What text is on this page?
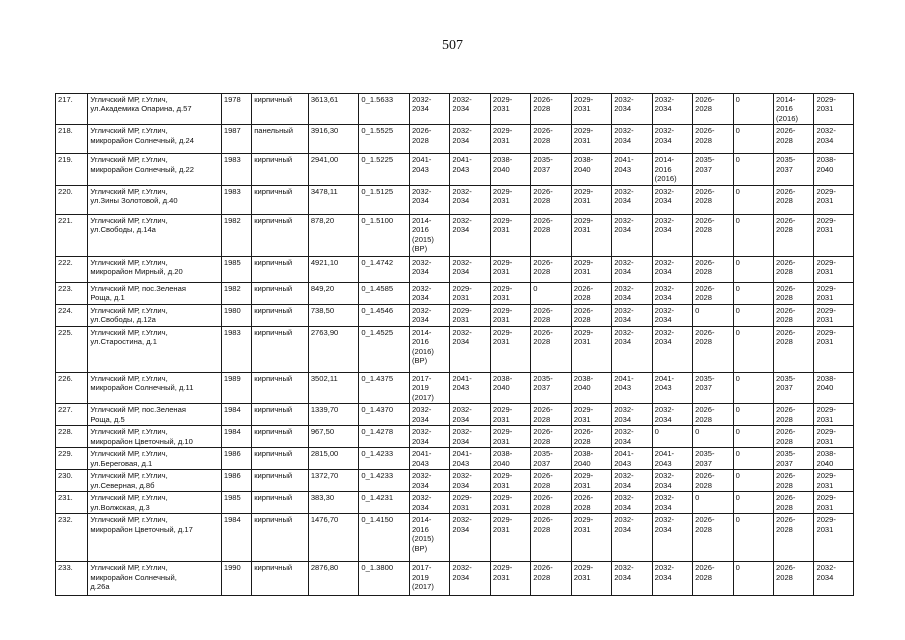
507
217.	Угличский МР, г.Углич,
ул.Академика Опарина, д.57	1978	кирпичный	3613,61	0_1.5633	2032-
2034	2032-
2034	2029-
2031	2026-
2028	2029-
2031	2032-
2034	2032-
2034	2026-
2028	0	2014-
2016
(2016)	2029-
2031

218.	Угличский МР, г.Углич,
микрорайон Солнечный, д.24	1987	панельный	3916,30	0_1.5525	2026-
2028	2032-
2034	2029-
2031	2026-
2028	2029-
2031	2032-
2034	2032-
2034	2026-
2028	0	2026-
2028	2032-
2034

219.	Угличский МР, г.Углич,
микрорайон Солнечный, д.22	1983	кирпичный	2941,00	0_1.5225	2041-
2043	2041-
2043	2038-
2040	2035-
2037	2038-
2040	2041-
2043	2014-
2016
(2016)	2035-
2037	0	2035-
2037	2038-
2040

220.	Угличский МР, г.Углич,
ул.Зины Золотовой, д.40	1983	кирпичный	3478,11	0_1.5125	2032-
2034	2032-
2034	2029-
2031	2026-
2028	2029-
2031	2032-
2034	2032-
2034	2026-
2028	0	2026-
2028	2029-
2031

221.	Угличский МР, г.Углич,
ул.Свободы, д.14а	1982	кирпичный	878,20	0_1.5100	2014-
2016
(2015)
(ВР)	2032-
2034	2029-
2031	2026-
2028	2029-
2031	2032-
2034	2032-
2034	2026-
2028	0	2026-
2028	2029-
2031

222.	Угличский МР, г.Углич,
микрорайон Мирный, д.20	1985	кирпичный	4921,10	0_1.4742	2032-
2034	2032-
2034	2029-
2031	2026-
2028	2029-
2031	2032-
2034	2032-
2034	2026-
2028	0	2026-
2028	2029-
2031

223.	Угличский МР, пос.Зеленая
Роща, д.1	1982	кирпичный	849,20	0_1.4585	2032-
2034	2029-
2031	2029-
2031	0	2026-
2028	2032-
2034	2032-
2034	2026-
2028	0	2026-
2028	2029-
2031

224.	Угличский МР, г.Углич,
ул.Свободы, д.12а	1980	кирпичный	738,50	0_1.4546	2032-
2034	2029-
2031	2029-
2031	2026-
2028	2026-
2028	2032-
2034	2032-
2034	0	0	2026-
2028	2029-
2031

225.	Угличский МР, г.Углич,
ул.Старостина, д.1	1983	кирпичный	2763,90	0_1.4525	2014-
2016
(2016)
(ВР)	2032-
2034	2029-
2031	2026-
2028	2029-
2031	2032-
2034	2032-
2034	2026-
2028	0	2026-
2028	2029-
2031

226.	Угличский МР, г.Углич,
микрорайон Солнечный, д.11	1989	кирпичный	3502,11	0_1.4375	2017-
2019
(2017)	2041-
2043	2038-
2040	2035-
2037	2038-
2040	2041-
2043	2041-
2043	2035-
2037	0	2035-
2037	2038-
2040

227.	Угличский МР, пос.Зеленая
Роща, д.5	1984	кирпичный	1339,70	0_1.4370	2032-
2034	2032-
2034	2029-
2031	2026-
2028	2029-
2031	2032-
2034	2032-
2034	2026-
2028	0	2026-
2028	2029-
2031

228.	Угличский МР, г.Углич,
микрорайон Цветочный, д.10	1984	кирпичный	967,50	0_1.4278	2032-
2034	2032-
2034	2029-
2031	2026-
2028	2026-
2028	2032-
2034	0	0	0	2026-
2028	2029-
2031

229.	Угличский МР, г.Углич,
ул.Береговая, д.1	1986	кирпичный	2815,00	0_1.4233	2041-
2043	2041-
2043	2038-
2040	2035-
2037	2038-
2040	2041-
2043	2041-
2043	2035-
2037	0	2035-
2037	2038-
2040

230.	Угличский МР, г.Углич,
ул.Северная, д.8б	1986	кирпичный	1372,70	0_1.4233	2032-
2034	2032-
2034	2029-
2031	2026-
2028	2029-
2031	2032-
2034	2032-
2034	2026-
2028	0	2026-
2028	2029-
2031

231.	Угличский МР, г.Углич,
ул.Волжская, д.3	1985	кирпичный	383,30	0_1.4231	2032-
2034	2029-
2031	2029-
2031	2026-
2028	2026-
2028	2032-
2034	2032-
2034	0	0	2026-
2028	2029-
2031

232.	Угличский МР, г.Углич,
микрорайон Цветочный, д.17	1984	кирпичный	1476,70	0_1.4150	2014-
2016
(2015)
(ВР)	2032-
2034	2029-
2031	2026-
2028	2029-
2031	2032-
2034	2032-
2034	2026-
2028	0	2026-
2028	2029-
2031

233.	Угличский МР, г.Углич,
микрорайон Солнечный,
д.26а	1990	кирпичный	2876,80	0_1.3800	2017-
2019
(2017)	2032-
2034	2029-
2031	2026-
2028	2029-
2031	2032-
2034	2032-
2034	2026-
2028	0	2026-
2028	2032-
2034
